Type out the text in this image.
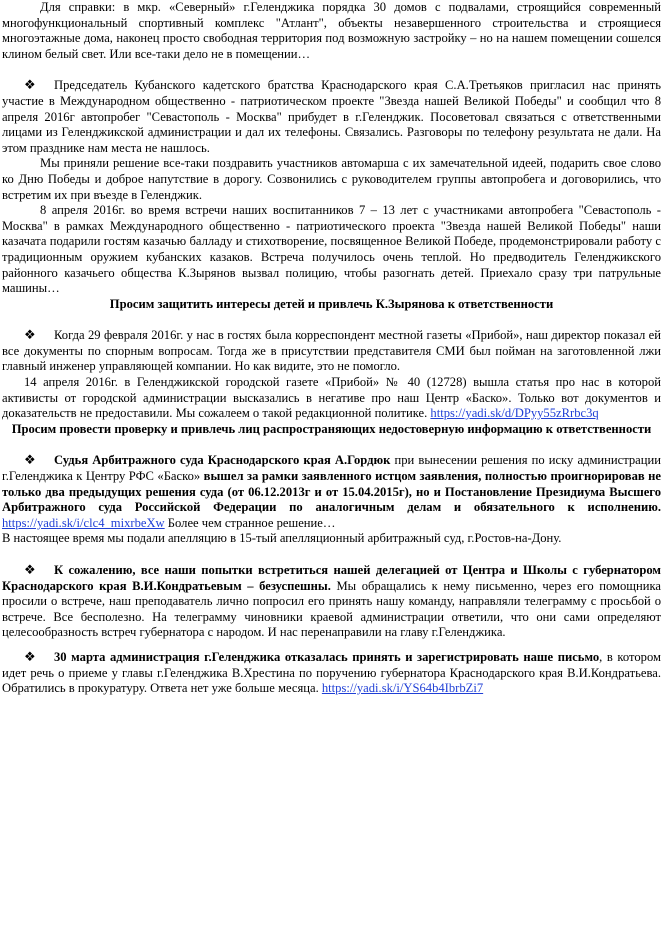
Для справки: в мкр. «Северный» г.Геленджика порядка 30 домов с подвалами, строящийся современный многофункциональный спортивный комплекс "Атлант", объекты незавершенного строительства и строящиеся многоэтажные дома, наконец просто свободная территория под возможную застройку – но на нашем помещении сошелся клином белый свет. Или все-таки дело не в помещении…

❖ Председатель Кубанского кадетского братства Краснодарского края С.А.Третьяков пригласил нас принять участие в Международном общественно - патриотическом проекте "Звезда нашей Великой Победы" и сообщил что 8 апреля 2016г автопробег "Севастополь - Москва" прибудет в г.Геленджик. Посоветовал связаться с ответственными лицами из Геленджикской администрации и дал их телефоны. Связались. Разговоры по телефону результата не дали. На этом празднике нам места не нашлось.

Мы приняли решение все-таки поздравить участников автомарша с их замечательной идеей, подарить свое слово ко Дню Победы и доброе напутствие в дорогу. Созвонились с руководителем группы автопробега и договорились, что встретим их при въезде в Геленджик.

8 апреля 2016г. во время встречи наших воспитанников 7 – 13 лет с участниками автопробега "Севастополь - Москва" в рамках Международного общественно - патриотического проекта "Звезда нашей Великой Победы" наши казачата подарили гостям казачью балладу и стихотворение, посвященное Великой Победе, продемонстрировали работу с традиционным оружием кубанских казаков. Встреча получилось очень теплой. Но предводитель Геленджикского районного казачьего общества К.Зырянов вызвал полицию, чтобы разогнать детей. Приехало сразу три патрульные машины…

Просим защитить интересы детей и привлечь К.Зырянова к ответственности

❖ Когда 29 февраля 2016г. у нас в гостях была корреспондент местной газеты «Прибой», наш директор показал ей все документы по спорным вопросам. Тогда же в присутствии представителя СМИ был пойман на заготовленной лжи главный инженер управляющей компании. Но как видите, это не помогло.

14 апреля 2016г. в Геленджикской городской газете «Прибой» № 40 (12728) вышла статья про нас в которой активисты от городской администрации высказались в негативе про наш Центр «Баско». Только вот документов и доказательств не предоставили. Мы сожалеем о такой редакционной политике. https://yadi.sk/d/DPyy55zRrbc3q

Просим провести проверку и привлечь лиц распространяющих недостоверную информацию к ответственности

❖ Судья Арбитражного суда Краснодарского края А.Гордюк при вынесении решения по иску администрации г.Геленджика к Центру РФС «Баско» вышел за рамки заявленного истцом заявления, полностью проигнорировав не только два предыдущих решения суда (от 06.12.2013г и от 15.04.2015г), но и Постановление Президиума Высшего Арбитражного суда Российской Федерации по аналогичным делам и обязательного к исполнению. https://yadi.sk/i/clc4_mixrbeXw Более чем странное решение…

В настоящее время мы подали апелляцию в 15-тый апелляционный арбитражный суд, г.Ростов-на-Дону.

❖ К сожалению, все наши попытки встретиться нашей делегацией от Центра и Школы с губернатором Краснодарского края В.И.Кондратьевым – безуспешны. Мы обращались к нему письменно, через его помощника просили о встрече, наш преподаватель лично попросил его принять нашу команду, направляли телеграмму с просьбой о встрече. Все бесполезно. На телеграмму чиновники краевой администрации ответили, что они сами определяют целесообразность встреч губернатора с народом. И нас перенаправили на главу г.Геленджика.

❖ 30 марта администрация г.Геленджика отказалась принять и зарегистрировать наше письмо, в котором идет речь о приеме у главы г.Геленджика В.Хрестина по поручению губернатора Краснодарского края В.И.Кондратьева. Обратились в прокуратуру. Ответа нет уже больше месяца. https://yadi.sk/i/YS64b4IbrbZi7
